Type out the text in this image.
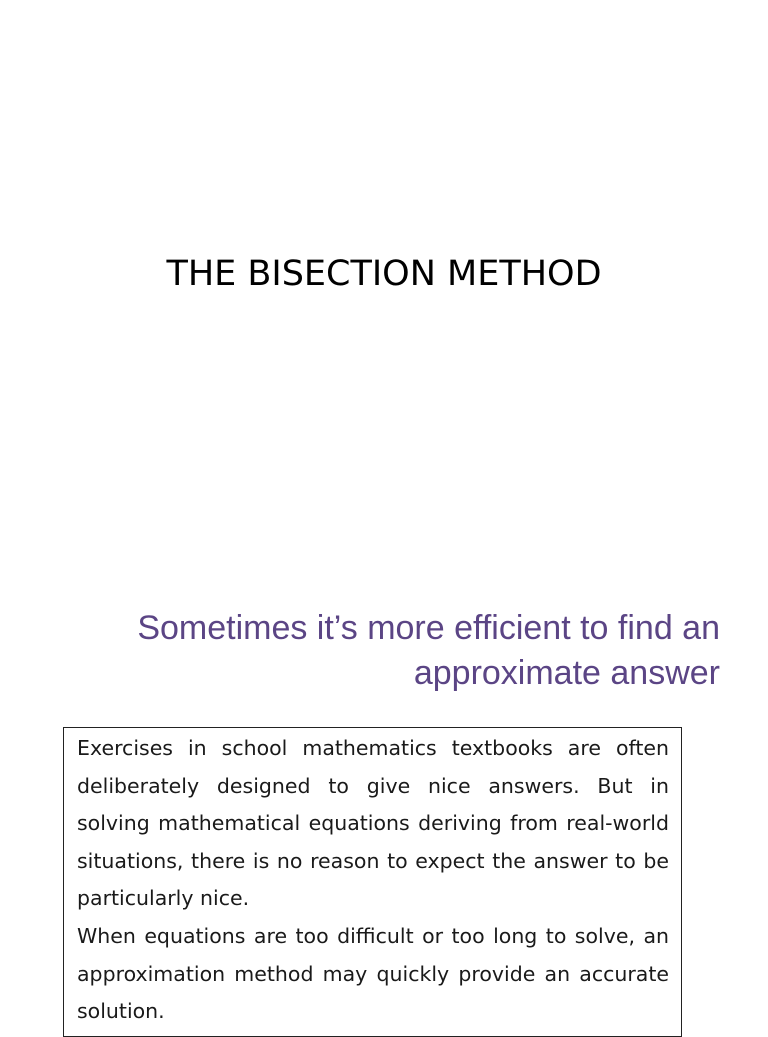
THE BISECTION METHOD
Sometimes it’s more efficient to find an
approximate answer

Exercises in school mathematics textbooks are often deliberately designed to give nice answers. But in solving mathematical equations deriving from real-world situations, there is no reason to expect the answer to be particularly nice.

When equations are too difficult or too long to solve, an approximation method may quickly provide an accurate solution.
